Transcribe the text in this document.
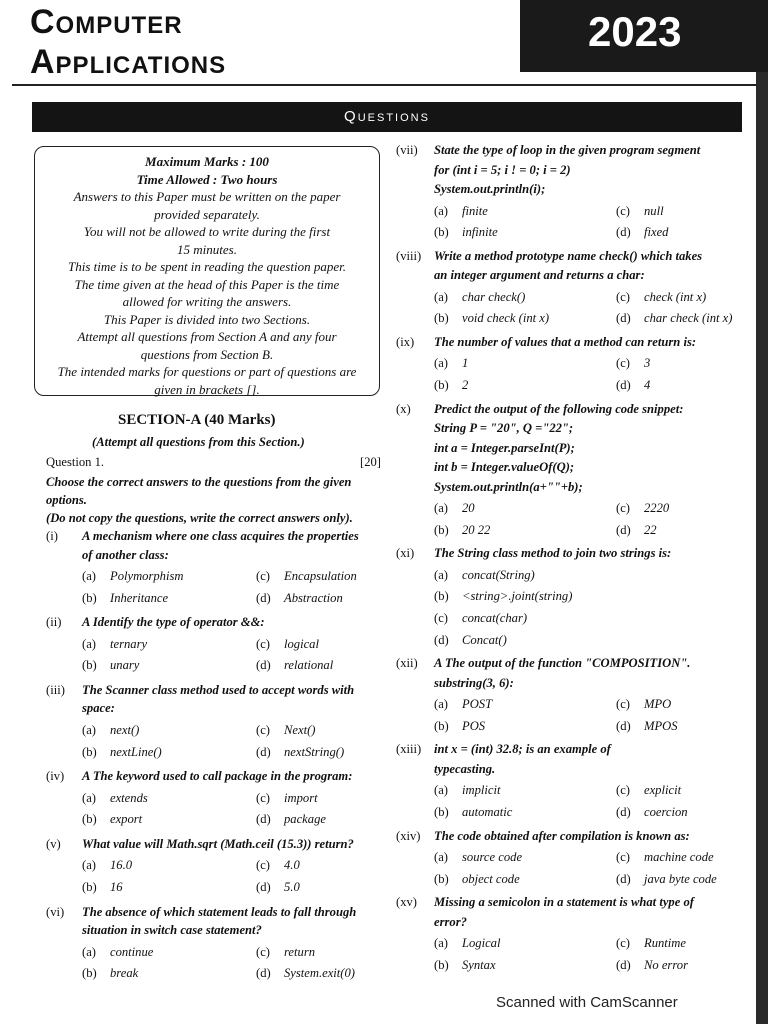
Computer
Applications
2023
Questions
Maximum Marks : 100
Time Allowed : Two hours
Answers to this Paper must be written on the paper
provided separately.
You will not be allowed to write during the first
15 minutes.
This time is to be spent in reading the question paper.
The time given at the head of this Paper is the time
allowed for writing the answers.
This Paper is divided into two Sections.
Attempt all questions from Section A and any four
questions from Section B.
The intended marks for questions or part of questions are
given in brackets [].
SECTION-A (40 Marks)
(Attempt all questions from this Section.)
Question 1.	[20]
Choose the correct answers to the questions from the given
options.
(Do not copy the questions, write the correct answers only).
(i) A mechanism where one class acquires the properties
of another class:
(a) Polymorphism	(c) Encapsulation
(b) Inheritance	(d) Abstraction
(ii) A Identify the type of operator &&:
(a) ternary	(c) logical
(b) unary	(d) relational
(iii) The Scanner class method used to accept words with
space:
(a) next()	(c) Next()
(b) nextLine()	(d) nextString()
(iv) A The keyword used to call package in the program:
(a) extends	(c) import
(b) export	(d) package
(v) What value will Math.sqrt (Math.ceil (15.3)) return?
(a) 16.0	(c) 4.0
(b) 16	(d) 5.0
(vi) The absence of which statement leads to fall through
situation in switch case statement?
(a) continue	(c) return
(b) break	(d) System.exit(0)
(vii) State the type of loop in the given program segment
for (int i = 5; i ! = 0; i = 2)
System.out.println(i);
(a) finite	(c) null
(b) infinite	(d) fixed
(viii) Write a method prototype name check() which takes
an integer argument and returns a char:
(a) char check()	(c) check (int x)
(b) void check (int x)	(d) char check (int x)
(ix) The number of values that a method can return is:
(a) 1	(c) 3
(b) 2	(d) 4
(x) Predict the output of the following code snippet:
String P = "20", Q ="22";
int a = Integer.parseInt(P);
int b = Integer.valueOf(Q);
System.out.println(a+""+b);
(a) 20	(c) 2220
(b) 20 22	(d) 22
(xi) The String class method to join two strings is:
(a) concat(String)
(b) <string>.joint(string)
(c) concat(char)
(d) Concat()
(xii) A The output of the function "COMPOSITION".
substring(3, 6):
(a) POST	(c) MPO
(b) POS	(d) MPOS
(xiii) int x = (int) 32.8; is an example of
typecasting.
(a) implicit	(c) explicit
(b) automatic	(d) coercion
(xiv) The code obtained after compilation is known as:
(a) source code	(c) machine code
(b) object code	(d) java byte code
(xv) Missing a semicolon in a statement is what type of
error?
(a) Logical	(c) Runtime
(b) Syntax	(d) No error
Scanned with CamScanner
